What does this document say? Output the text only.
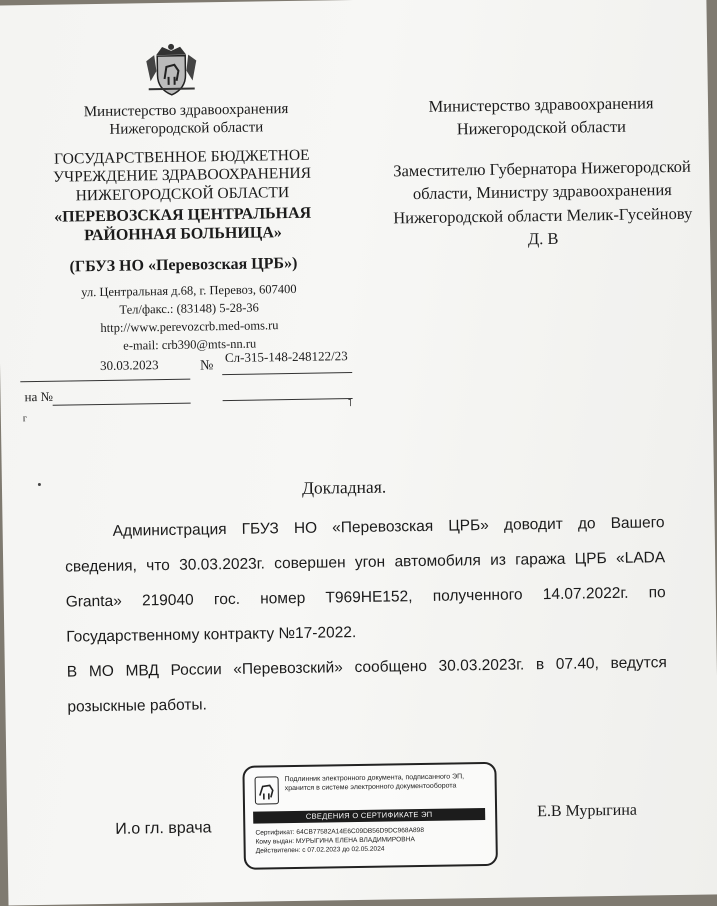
Министерство здравоохранения Нижегородской области
ГОСУДАРСТВЕННОЕ БЮДЖЕТНОЕ УЧРЕЖДЕНИЕ ЗДРАВООХРАНЕНИЯ НИЖЕГОРОДСКОЙ ОБЛАСТИ
«ПЕРЕВОЗСКАЯ ЦЕНТРАЛЬНАЯ РАЙОННАЯ БОЛЬНИЦА»
(ГБУЗ НО «Перевозская ЦРБ»)
ул. Центральная д.68, г. Перевоз, 607400
Тел/факс.: (83148) 5-28-36
http://www.perevozcrb.med-oms.ru
e-mail: crb390@mts-nn.ru
30.03.2023	№
Сл-315-148-248122/23
на №
г
˥
Министерство здравоохранения Нижегородской области
Заместителю Губернатора Нижегородской области, Министру здравоохранения Нижегородской области Мелик-Гусейнову Д. В
Докладная.

Администрация ГБУЗ НО «Перевозская ЦРБ» доводит до Вашего сведения, что 30.03.2023г. совершен угон автомобиля из гаража ЦРБ «LADA Granta» 219040 гос. номер Т969НЕ152, полученного 14.07.2022г. по Государственному контракту №17-2022.

В МО МВД России «Перевозский» сообщено 30.03.2023г. в 07.40, ведутся розыскные работы.

И.о гл. врача
Подлинник электронного документа, подписанного ЭП, хранится в системе электронного документооборота
СВЕДЕНИЯ О СЕРТИФИКАТЕ ЭП
Сертификат: 64CB77582A14E6C09DB56D9DC968A898
Кому выдан: МУРЫГИНА ЕЛЕНА ВЛАДИМИРОВНА
Действителен: с 07.02.2023 до 02.05.2024
Е.В Мурыгина
